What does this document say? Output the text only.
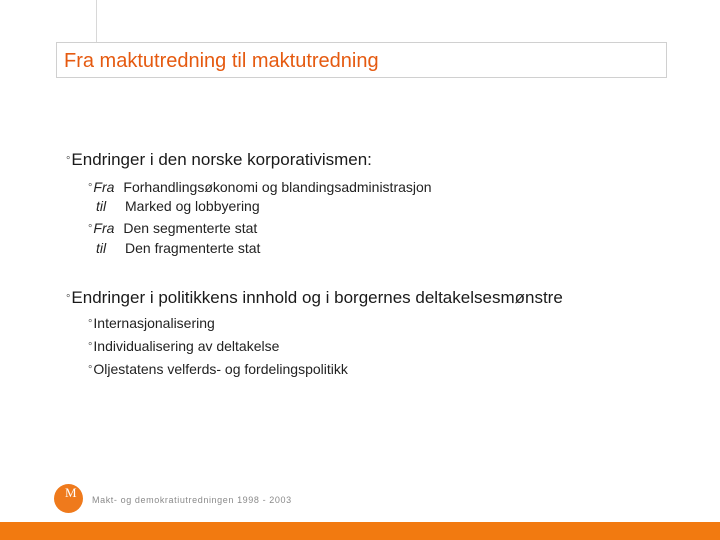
Fra maktutredning til maktutredning
°Endringer i den norske korporativismen:
°Fra Forhandlingsøkonomi og blandingsadministrasjon
til Marked og lobbyering
°Fra Den segmenterte stat
til Den fragmenterte stat
°Endringer i politikkens innhold og i borgernes deltakelsesmønstre
°Internasjonalisering
°Individualisering av deltakelse
°Oljestatens velferds- og fordelingspolitikk
M Makt- og demokratiutredningen 1998 - 2003
